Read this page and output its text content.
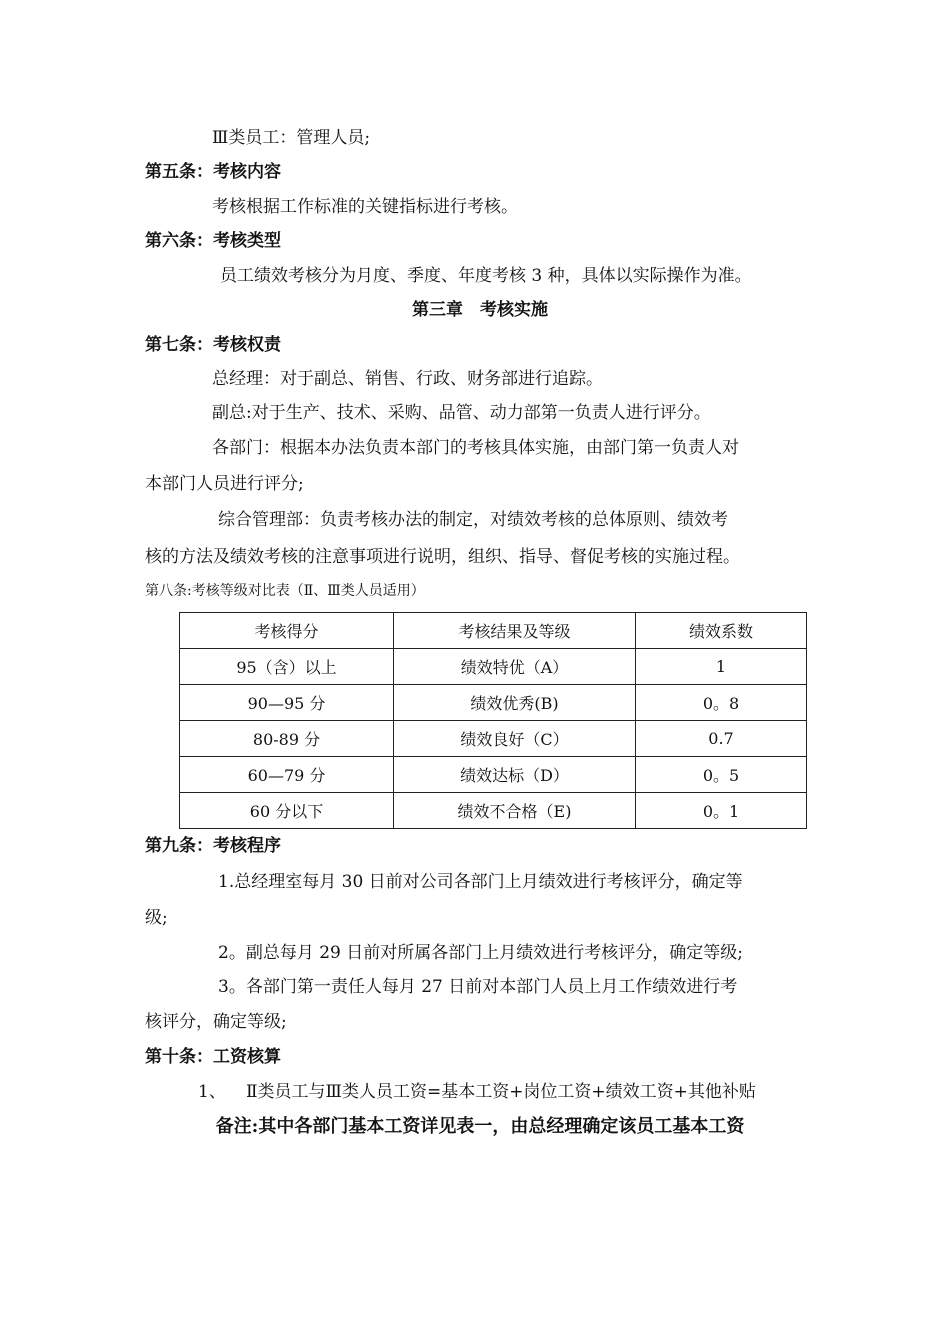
Ⅲ类员工：管理人员;
第五条：考核内容
考核根据工作标准的关键指标进行考核。
第六条：考核类型
员工绩效考核分为月度、季度、年度考核 3 种，具体以实际操作为准。
第三章　考核实施
第七条：考核权责
总经理：对于副总、销售、行政、财务部进行追踪。
副总:对于生产、技术、采购、品管、动力部第一负责人进行评分。
各部门：根据本办法负责本部门的考核具体实施，由部门第一负责人对
本部门人员进行评分;
综合管理部：负责考核办法的制定，对绩效考核的总体原则、绩效考
核的方法及绩效考核的注意事项进行说明，组织、指导、督促考核的实施过程。
第八条:考核等级对比表（Ⅱ、Ⅲ类人员适用）
考核得分	考核结果及等级	绩效系数
95（含）以上	绩效特优（A）	1
90—95 分	绩效优秀(B)	0。8
80-89 分	绩效良好（C）	0.7
60—79 分	绩效达标（D）	0。5
60 分以下	绩效不合格（E)	0。1
第九条：考核程序
1.总经理室每月 30 日前对公司各部门上月绩效进行考核评分，确定等
级;
2。副总每月 29 日前对所属各部门上月绩效进行考核评分，确定等级;
3。各部门第一责任人每月 27 日前对本部门人员上月工作绩效进行考
核评分，确定等级;
第十条：工资核算
1、	Ⅱ类员工与Ⅲ类人员工资=基本工资+岗位工资+绩效工资+其他补贴
备注:其中各部门基本工资详见表一，由总经理确定该员工基本工资
